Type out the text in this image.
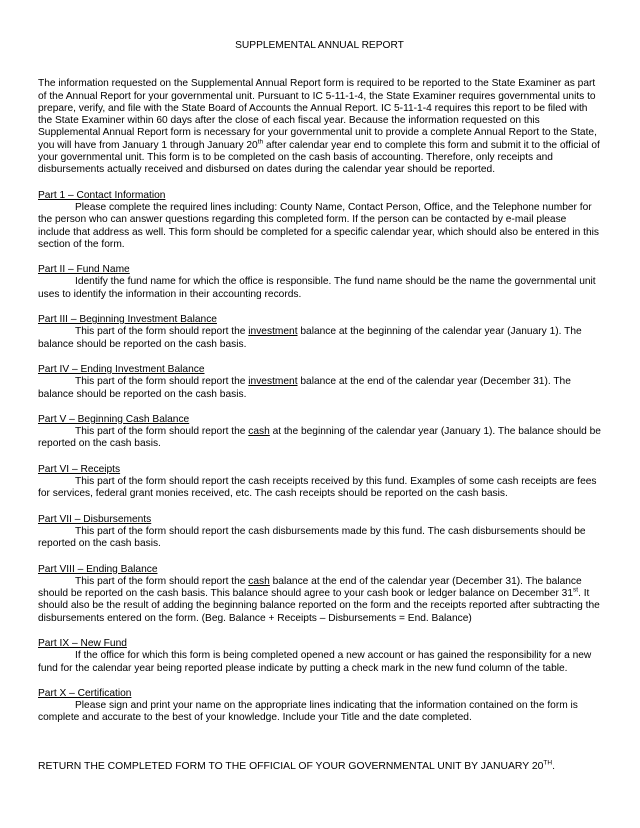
SUPPLEMENTAL ANNUAL REPORT

The information requested on the Supplemental Annual Report form is required to be reported to the State Examiner as part of the Annual Report for your governmental unit. Pursuant to IC 5-11-1-4, the State Examiner requires governmental units to prepare, verify, and file with the State Board of Accounts the Annual Report. IC 5-11-1-4 requires this report to be filed with the State Examiner within 60 days after the close of each fiscal year. Because the information requested on this Supplemental Annual Report form is necessary for your governmental unit to provide a complete Annual Report to the State, you will have from January 1 through January 20th after calendar year end to complete this form and submit it to the official of your governmental unit. This form is to be completed on the cash basis of accounting. Therefore, only receipts and disbursements actually received and disbursed on dates during the calendar year should be reported.

Part 1 – Contact Information
Please complete the required lines including: County Name, Contact Person, Office, and the Telephone number for the person who can answer questions regarding this completed form. If the person can be contacted by e-mail please include that address as well. This form should be completed for a specific calendar year, which should also be entered in this section of the form.
Part II – Fund Name
Identify the fund name for which the office is responsible. The fund name should be the name the governmental unit uses to identify the information in their accounting records.
Part III – Beginning Investment Balance
This part of the form should report the investment balance at the beginning of the calendar year (January 1). The balance should be reported on the cash basis.
Part IV – Ending Investment Balance
This part of the form should report the investment balance at the end of the calendar year (December 31). The balance should be reported on the cash basis.
Part V – Beginning Cash Balance
This part of the form should report the cash at the beginning of the calendar year (January 1). The balance should be reported on the cash basis.
Part VI – Receipts
This part of the form should report the cash receipts received by this fund. Examples of some cash receipts are fees for services, federal grant monies received, etc. The cash receipts should be reported on the cash basis.
Part VII – Disbursements
This part of the form should report the cash disbursements made by this fund. The cash disbursements should be reported on the cash basis.
Part VIII – Ending Balance
This part of the form should report the cash balance at the end of the calendar year (December 31). The balance should be reported on the cash basis. This balance should agree to your cash book or ledger balance on December 31st. It should also be the result of adding the beginning balance reported on the form and the receipts reported after subtracting the disbursements entered on the form. (Beg. Balance + Receipts – Disbursements = End. Balance)
Part IX – New Fund
If the office for which this form is being completed opened a new account or has gained the responsibility for a new fund for the calendar year being reported please indicate by putting a check mark in the new fund column of the table.
Part X – Certification
Please sign and print your name on the appropriate lines indicating that the information contained on the form is complete and accurate to the best of your knowledge. Include your Title and the date completed.

RETURN THE COMPLETED FORM TO THE OFFICIAL OF YOUR GOVERNMENTAL UNIT BY JANUARY 20TH.
